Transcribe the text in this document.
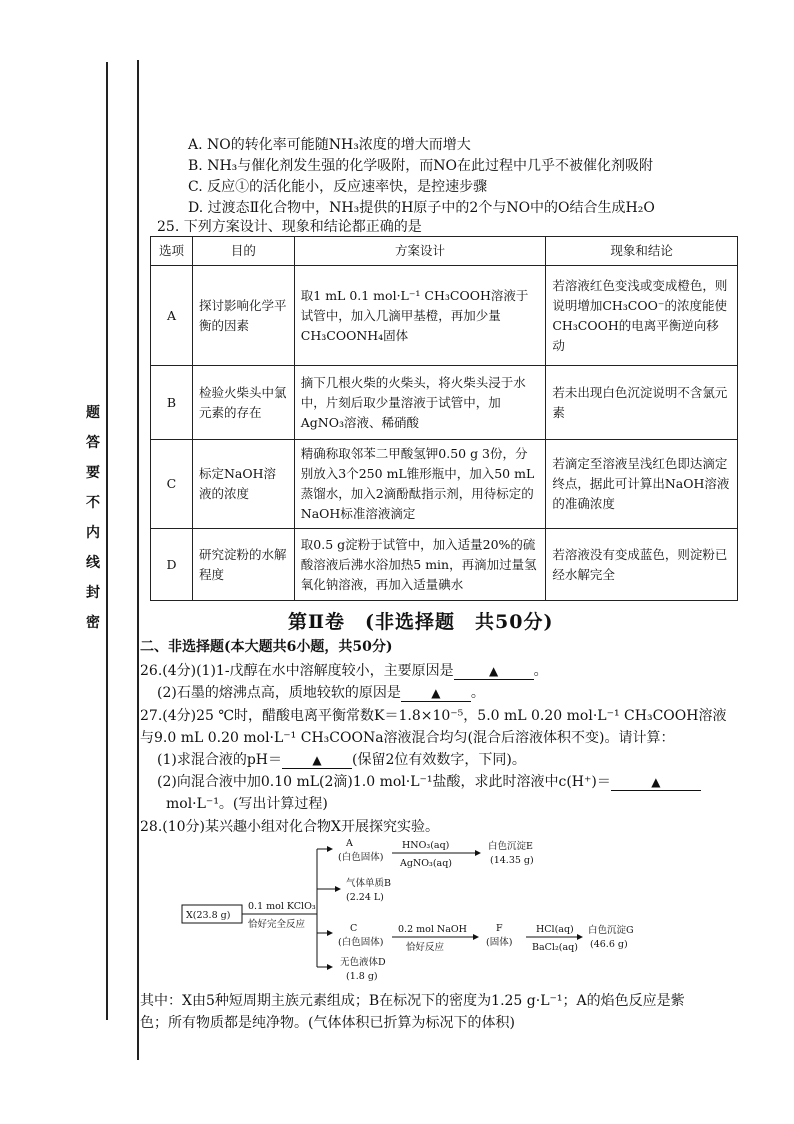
题
答
要
不
内
线
封
密
A. NO的转化率可能随NH₃浓度的增大而增大
B. NH₃与催化剂发生强的化学吸附，而NO在此过程中几乎不被催化剂吸附
C. 反应①的活化能小，反应速率快，是控速步骤
D. 过渡态Ⅱ化合物中，NH₃提供的H原子中的2个与NO中的O结合生成H₂O
25. 下列方案设计、现象和结论都正确的是
选项	目的	方案设计	现象和结论
A	探讨影响化学平衡的因素	取1 mL 0.1 mol·L⁻¹ CH₃COOH溶液于试管中，加入几滴甲基橙，再加少量CH₃COONH₄固体	若溶液红色变浅或变成橙色，则说明增加CH₃COO⁻的浓度能使CH₃COOH的电离平衡逆向移动
B	检验火柴头中氯元素的存在	摘下几根火柴的火柴头，将火柴头浸于水中，片刻后取少量溶液于试管中，加AgNO₃溶液、稀硝酸	若未出现白色沉淀说明不含氯元素
C	标定NaOH溶液的浓度	精确称取邻苯二甲酸氢钾0.50 g 3份，分别放入3个250 mL锥形瓶中，加入50 mL蒸馏水，加入2滴酚酞指示剂，用待标定的NaOH标准溶液滴定	若滴定至溶液呈浅红色即达滴定终点，据此可计算出NaOH溶液的准确浓度
D	研究淀粉的水解程度	取0.5 g淀粉于试管中，加入适量20%的硫酸溶液后沸水浴加热5 min，再滴加过量氢氧化钠溶液，再加入适量碘水	若溶液没有变成蓝色，则淀粉已经水解完全
第Ⅱ卷　(非选择题　共50分)
二、非选择题(本大题共6小题，共50分)
26.(4分)(1)1-戊醇在水中溶解度较小，主要原因是	▲	。
(2)石墨的熔沸点高，质地较软的原因是	▲ 。
27.(4分)25 ℃时，醋酸电离平衡常数K＝1.8×10⁻⁵，5.0 mL 0.20 mol·L⁻¹ CH₃COOH溶液
与9.0 mL 0.20 mol·L⁻¹ CH₃COONa溶液混合均匀(混合后溶液体积不变)。请计算：
(1)求混合液的pH＝	▲ (保留2位有效数字，下同)。
(2)向混合液中加0.10 mL(2滴)1.0 mol·L⁻¹盐酸，求此时溶液中c(H⁺)＝	▲
mol·L⁻¹。(写出计算过程)
28.(10分)某兴趣小组对化合物X开展探究实验。
X(23.8 g)
0.1 mol KClO₃
恰好完全反应
A
(白色固体)
HNO₃(aq)
AgNO₃(aq)
白色沉淀E
(14.35 g)
气体单质B
(2.24 L)
C
(白色固体)
0.2 mol NaOH
恰好反应
F
(固体)
HCl(aq)
BaCl₂(aq)
白色沉淀G
(46.6 g)
无色液体D
(1.8 g)
其中：X由5种短周期主族元素组成；B在标况下的密度为1.25 g·L⁻¹；A的焰色反应是紫
色；所有物质都是纯净物。(气体体积已折算为标况下的体积)
